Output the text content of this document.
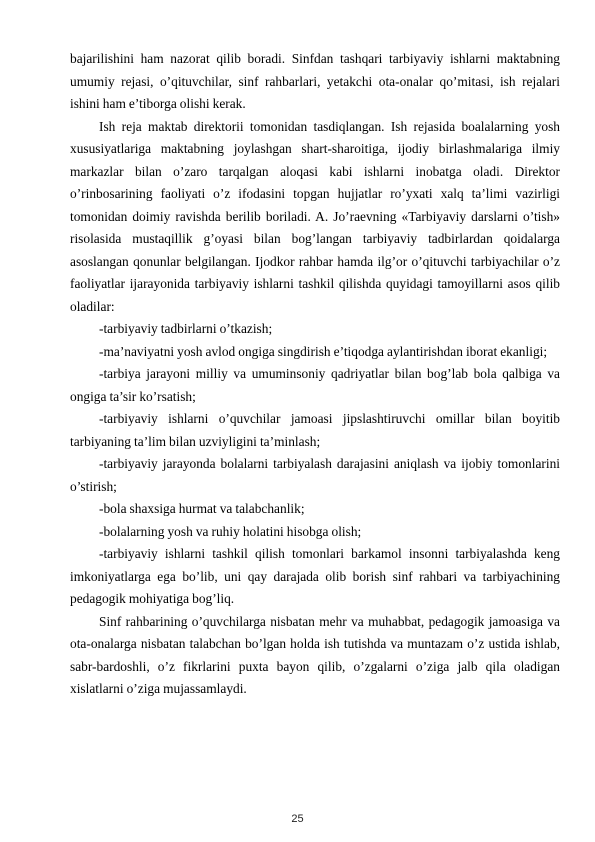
bajarilishini ham nazorat qilib boradi. Sinfdan tashqari tarbiyaviy ishlarni maktabning umumiy rejasi, o’qituvchilar, sinf rahbarlari, yetakchi ota-onalar qo’mitasi, ish rejalari ishini ham e’tiborga olishi kerak.

Ish reja maktab direktorii tomonidan tasdiqlangan. Ish rejasida boalalarning yosh xususiyatlariga maktabning joylashgan shart-sharoitiga, ijodiy birlashmalariga ilmiy markazlar bilan o’zaro tarqalgan aloqasi kabi ishlarni inobatga oladi. Direktor o’rinbosarining faoliyati o’z ifodasini topgan hujjatlar ro’yxati xalq ta’limi vazirligi tomonidan doimiy ravishda berilib boriladi. A. Jo’raevning «Tarbiyaviy darslarni o’tish» risolasida mustaqillik g’oyasi bilan bog’langan tarbiyaviy tadbirlardan qoidalarga asoslangan qonunlar belgilangan. Ijodkor rahbar hamda ilg’or o’qituvchi tarbiyachilar o’z faoliyatlar ijarayonida tarbiyaviy ishlarni tashkil qilishda quyidagi tamoyillarni asos qilib oladilar:

-tarbiyaviy tadbirlarni o’tkazish;

-ma’naviyatni yosh avlod ongiga singdirish e’tiqodga aylantirishdan iborat ekanligi;

-tarbiya jarayoni milliy va umuminsoniy qadriyatlar bilan bog’lab bola qalbiga va ongiga ta’sir ko’rsatish;

-tarbiyaviy ishlarni o’quvchilar jamoasi jipslashtiruvchi omillar bilan boyitib tarbiyaning ta’lim bilan uzviyligini ta’minlash;

-tarbiyaviy jarayonda bolalarni tarbiyalash darajasini aniqlash va ijobiy tomonlarini o’stirish;

-bola shaxsiga hurmat va talabchanlik;

-bolalarning yosh va ruhiy holatini hisobga olish;

-tarbiyaviy ishlarni tashkil qilish tomonlari barkamol insonni tarbiyalashda keng imkoniyatlarga ega bo’lib, uni qay darajada olib borish sinf rahbari va tarbiyachining pedagogik mohiyatiga bog’liq.

Sinf rahbarining o’quvchilarga nisbatan mehr va muhabbat, pedagogik jamoasiga va ota-onalarga nisbatan talabchan bo’lgan holda ish tutishda va muntazam o’z ustida ishlab, sabr-bardoshli, o’z fikrlarini puxta bayon qilib, o’zgalarni o’ziga jalb qila oladigan xislatlarni o’ziga mujassamlaydi.

25
